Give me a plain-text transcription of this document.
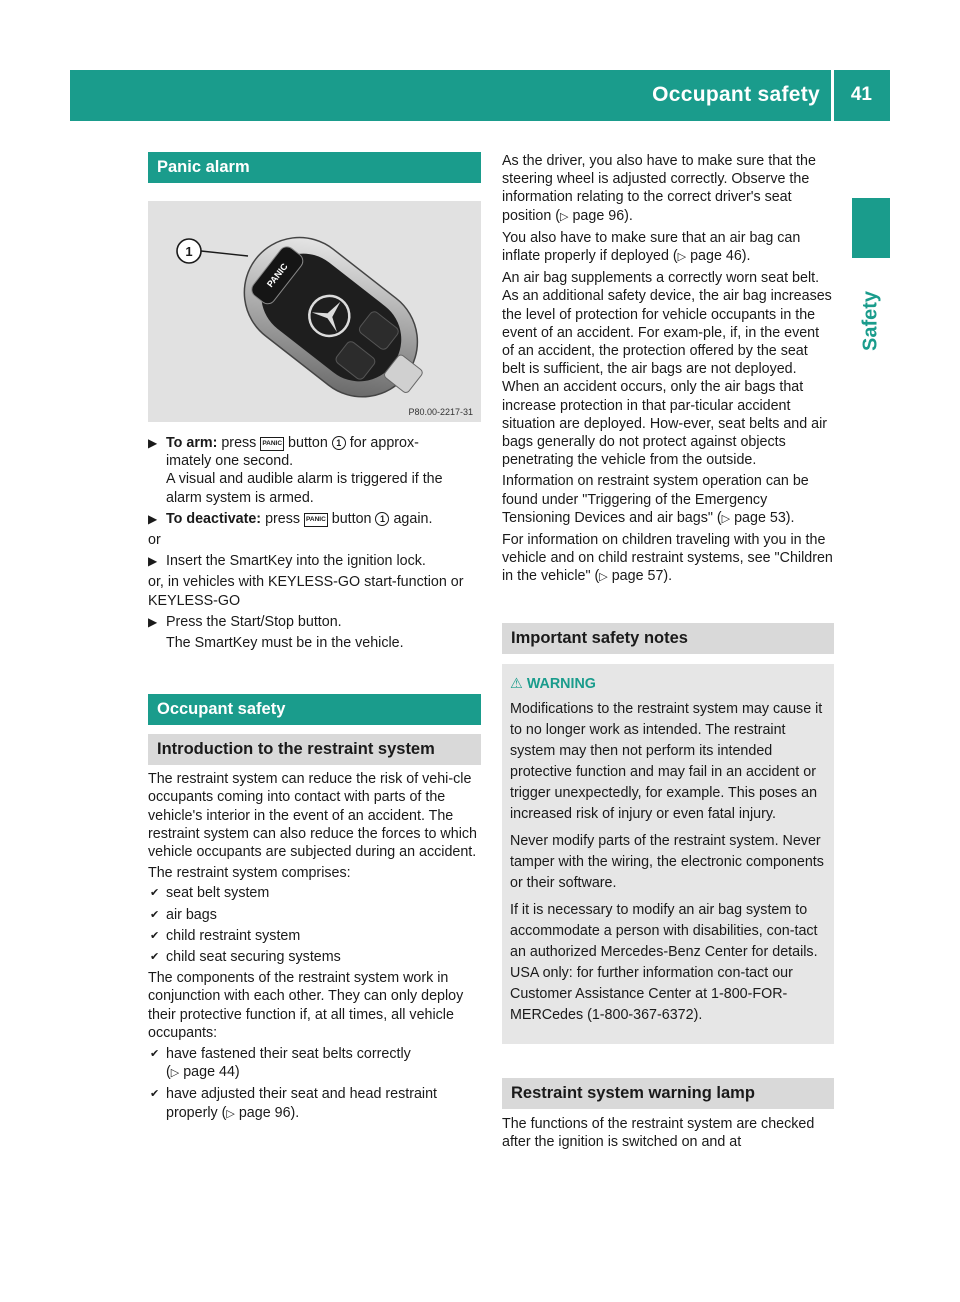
Occupant safety 41
Safety
Panic alarm
PANIC
1
P80.00-2217-31
▶ To arm: press PANIC button 1 for approx-
imately one second.
A visual and audible alarm is triggered if the alarm system is armed.
▶ To deactivate: press PANIC button 1 again.

or

▶ Insert the SmartKey into the ignition lock.

or, in vehicles with KEYLESS-GO start-function or KEYLESS-GO

▶ Press the Start/Stop button.

The SmartKey must be in the vehicle.

Occupant safety
Introduction to the restraint system

The restraint system can reduce the risk of vehi-cle occupants coming into contact with parts of the vehicle's interior in the event of an accident. The restraint system can also reduce the forces to which vehicle occupants are subjected during an accident.

The restraint system comprises:

✔ seat belt system
✔ air bags
✔ child restraint system
✔ child seat securing systems

The components of the restraint system work in conjunction with each other. They can only deploy their protective function if, at all times, all vehicle occupants:

✔ have fastened their seat belts correctly
(▷ page 44)
✔ have adjusted their seat and head restraint properly (▷ page 96).

As the driver, you also have to make sure that the steering wheel is adjusted correctly. Observe the information relating to the correct driver's seat position (▷ page 96).

You also have to make sure that an air bag can inflate properly if deployed (▷ page 46).

An air bag supplements a correctly worn seat belt. As an additional safety device, the air bag increases the level of protection for vehicle occupants in the event of an accident. For exam-ple, if, in the event of an accident, the protection offered by the seat belt is sufficient, the air bags are not deployed. When an accident occurs, only the air bags that increase protection in that par-ticular accident situation are deployed. How-ever, seat belts and air bags generally do not protect against objects penetrating the vehicle from the outside.

Information on restraint system operation can be found under "Triggering of the Emergency Tensioning Devices and air bags" (▷ page 53).

For information on children traveling with you in the vehicle and on child restraint systems, see "Children in the vehicle" (▷ page 57).

Important safety notes
⚠ WARNING

Modifications to the restraint system may cause it to no longer work as intended. The restraint system may then not perform its intended protective function and may fail in an accident or trigger unexpectedly, for example. This poses an increased risk of injury or even fatal injury.

Never modify parts of the restraint system. Never tamper with the wiring, the electronic components or their software.

If it is necessary to modify an air bag system to accommodate a person with disabilities, con-tact an authorized Mercedes-Benz Center for details. USA only: for further information con-tact our Customer Assistance Center at 1-800-FOR-MERCedes (1-800-367-6372).

Restraint system warning lamp

The functions of the restraint system are checked after the ignition is switched on and at
